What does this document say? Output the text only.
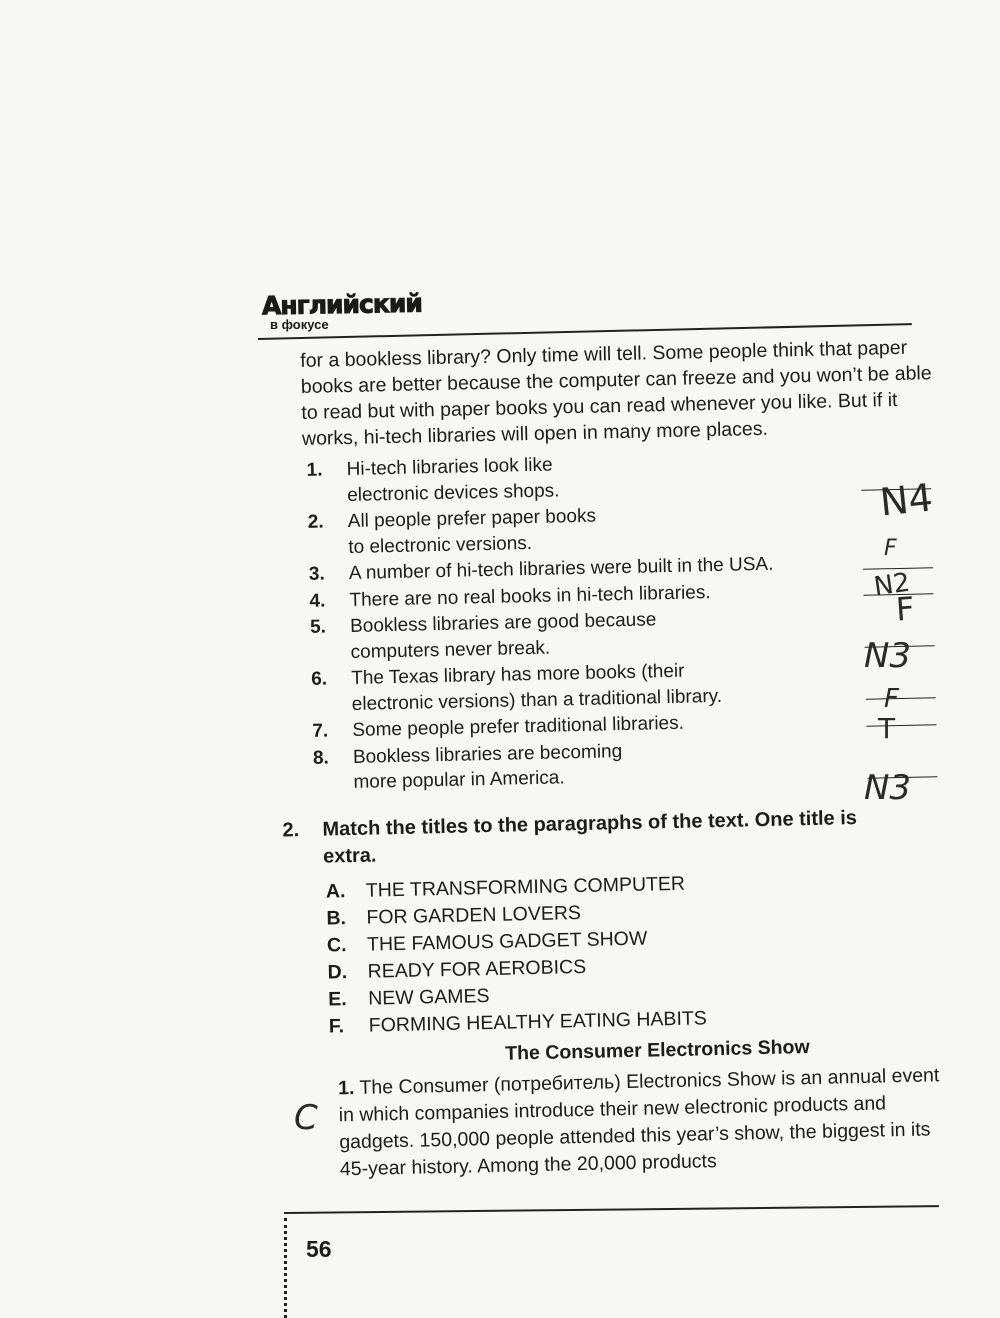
Английский
в фокусе

for a bookless library? Only time will tell. Some people think that paper books are better because the computer can freeze and you won’t be able to read but with paper books you can read whenever you like. But if it works, hi-tech libraries will open in many more places.

1. Hi-tech libraries look like
electronic devices shops.
2. All people prefer paper books
to electronic versions.
3. A number of hi-tech libraries were built in the USA.
4. There are no real books in hi-tech libraries.
5. Bookless libraries are good because
computers never break.
6. The Texas library has more books (their
electronic versions) than a traditional library.
7. Some people prefer traditional libraries.
8. Bookless libraries are becoming
more popular in America.
2. Match the titles to the paragraphs of the text. One title is
extra.
A. THE TRANSFORMING COMPUTER
B. FOR GARDEN LOVERS
C. THE FAMOUS GADGET SHOW
D. READY FOR AEROBICS
E. NEW GAMES
F. FORMING HEALTHY EATING HABITS
The Consumer Electronics Show
1. The Consumer (потребитель) Electronics Show is an annual event in which companies introduce their new electronic products and gadgets. 150,000 people attended this year’s show, the biggest in its 45-year history. Among the 20,000 products
N4
F
N2
F
N3
F
T
N3
C
56
